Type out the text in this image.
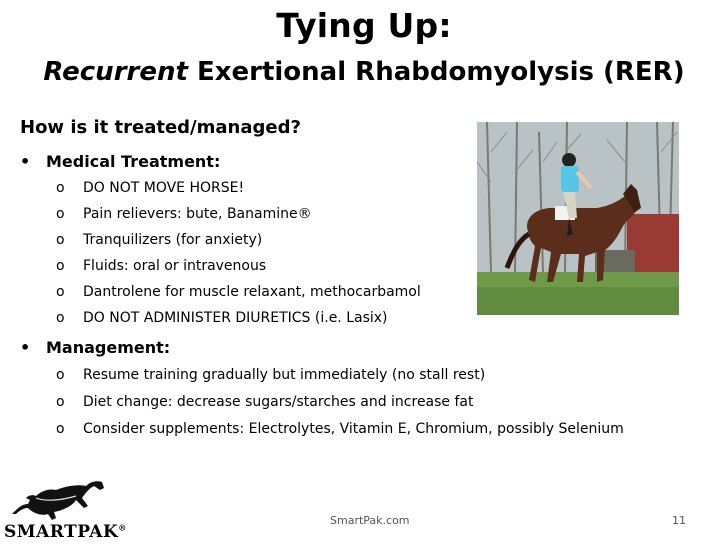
Tying Up:
Recurrent Exertional Rhabdomyolysis (RER)
How is it treated/managed?
• Medical Treatment:
o DO NOT MOVE HORSE!
o Pain relievers: bute, Banamine®
o Tranquilizers (for anxiety)
o Fluids: oral or intravenous
o Dantrolene for muscle relaxant, methocarbamol
o DO NOT ADMINISTER DIURETICS (i.e. Lasix)
• Management:
o Resume training gradually but immediately (no stall rest)
o Diet change: decrease sugars/starches and increase fat
o Consider supplements: Electrolytes, Vitamin E, Chromium, possibly Selenium
SMARTPAK®
SmartPak.com	11
